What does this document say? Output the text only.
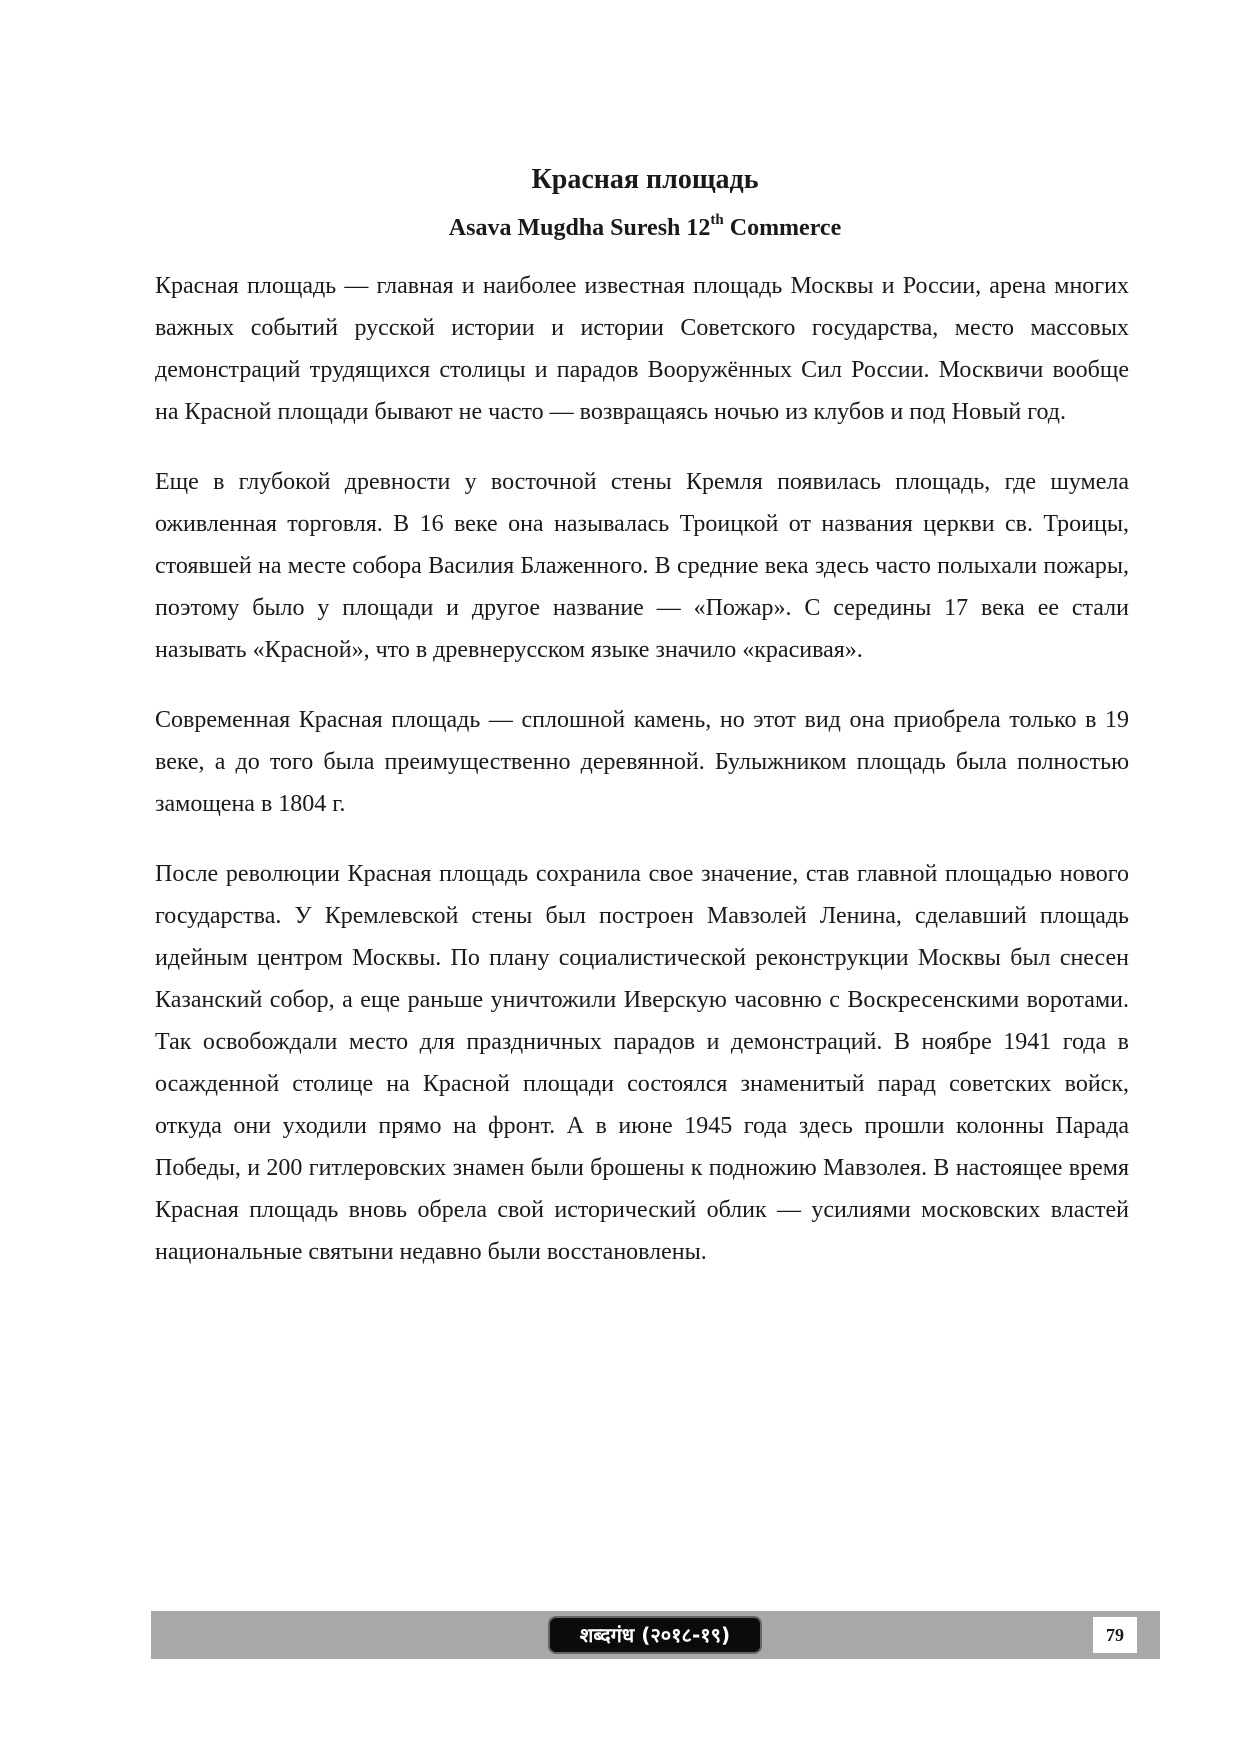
Красная площадь
Asava Mugdha Suresh 12th Commerce

Красная площадь — главная и наиболее известная площадь Москвы и России, арена многих важных событий русской истории и истории Советского государства, место массовых демонстраций трудящихся столицы и парадов Вооружённых Сил России. Москвичи вообще на Красной площади бывают не часто — возвращаясь ночью из клубов и под Новый год.

Еще в глубокой древности у восточной стены Кремля появилась площадь, где шумела оживленная торговля. В 16 веке она называлась Троицкой от названия церкви св. Троицы, стоявшей на месте собора Василия Блаженного. В средние века здесь часто полыхали пожары, поэтому было у площади и другое название — «Пожар». С середины 17 века ее стали называть «Красной», что в древнерусском языке значило «красивая».

Современная Красная площадь — сплошной камень, но этот вид она приобрела только в 19 веке, а до того была преимущественно деревянной. Булыжником площадь была полностью замощена в 1804 г.

После революции Красная площадь сохранила свое значение, став главной площадью нового государства. У Кремлевской стены был построен Мавзолей Ленина, сделавший площадь идейным центром Москвы. По плану социалистической реконструкции Москвы был снесен Казанский собор, а еще раньше уничтожили Иверскую часовню с Воскресенскими воротами. Так освобождали место для праздничных парадов и демонстраций. В ноябре 1941 года в осажденной столице на Красной площади состоялся знаменитый парад советских войск, откуда они уходили прямо на фронт. А в июне 1945 года здесь прошли колонны Парада Победы, и 200 гитлеровских знамен были брошены к подножию Мавзолея. В настоящее время Красная площадь вновь обрела свой исторический облик — усилиями московских властей национальные святыни недавно были восстановлены.

शब्दगंध (२०१८-१९)	79
